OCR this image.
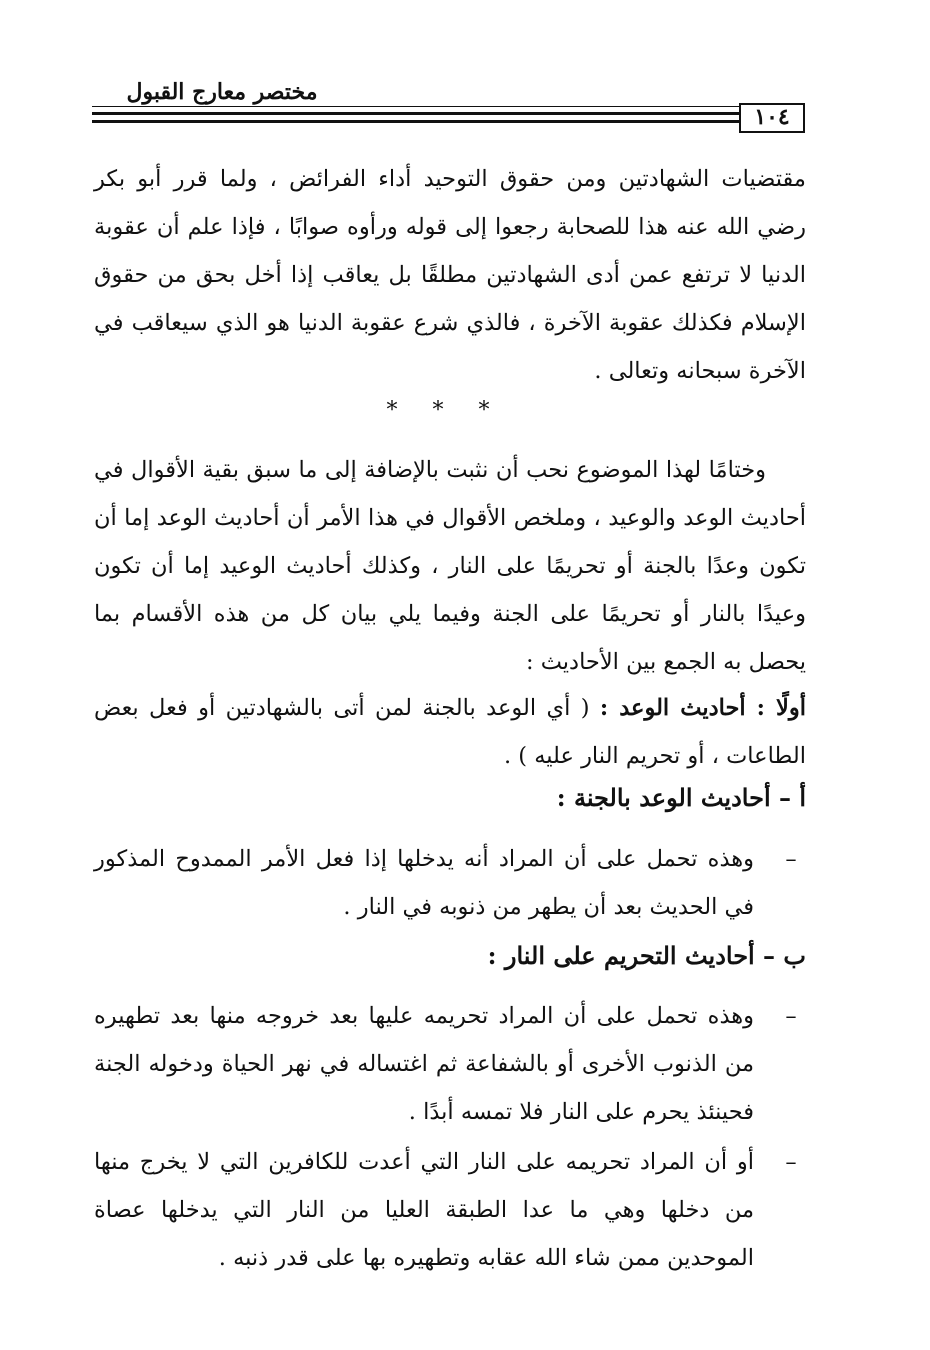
مختصر معارج القبول
١٠٤

مقتضيات الشهادتين ومن حقوق التوحيد أداء الفرائض ، ولما قرر أبو بكر رضي الله عنه هذا للصحابة رجعوا إلى قوله ورأوه صوابًا ، فإذا علم أن عقوبة الدنيا لا ترتفع عمن أدى الشهادتين مطلقًا بل يعاقب إذا أخل بحق من حقوق الإسلام فكذلك عقوبة الآخرة ، فالذي شرع عقوبة الدنيا هو الذي سيعاقب في الآخرة سبحانه وتعالى .

* * *

وختامًا لهذا الموضوع نحب أن نثبت بالإضافة إلى ما سبق بقية الأقوال في أحاديث الوعد والوعيد ، وملخص الأقوال في هذا الأمر أن أحاديث الوعد إما أن تكون وعدًا بالجنة أو تحريمًا على النار ، وكذلك أحاديث الوعيد إما أن تكون وعيدًا بالنار أو تحريمًا على الجنة وفيما يلي بيان كل من هذه الأقسام بما يحصل به الجمع بين الأحاديث :

أولًا : أحاديث الوعد : ( أي الوعد بالجنة لمن أتى بالشهادتين أو فعل بعض الطاعات ، أو تحريم النار عليه ) .

أ – أحاديث الوعد بالجنة :
–
وهذه تحمل على أن المراد أنه يدخلها إذا فعل الأمر الممدوح المذكور في الحديث بعد أن يطهر من ذنوبه في النار .
ب – أحاديث التحريم على النار :
–
وهذه تحمل على أن المراد تحريمه عليها بعد خروجه منها بعد تطهيره من الذنوب الأخرى أو بالشفاعة ثم اغتساله في نهر الحياة ودخوله الجنة فحينئذ يحرم على النار فلا تمسه أبدًا .
–
أو أن المراد تحريمه على النار التي أعدت للكافرين التي لا يخرج منها من دخلها وهي ما عدا الطبقة العليا من النار التي يدخلها عصاة الموحدين ممن شاء الله عقابه وتطهيره بها على قدر ذنبه .
